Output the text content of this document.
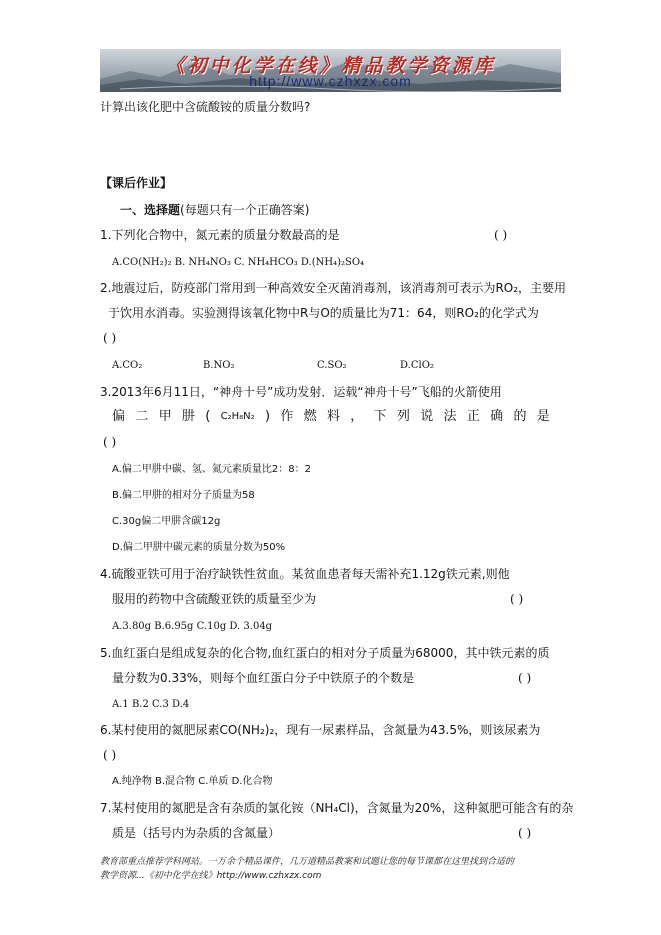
《初中化学在线》精品教学资源库
http://www.czhxzx.com
计算出该化肥中含硫酸铵的质量分数吗?
【课后作业】
一、选择题(每题只有一个正确答案)
1.下列化合物中，氮元素的质量分数最高的是	( )
A.CO(NH₂)₂ B. NH₄NO₃ C. NH₄HCO₃ D.(NH₄)₂SO₄
2.地震过后，防疫部门常用到一种高效安全灭菌消毒剂，该消毒剂可表示为RO₂，主要用
于饮用水消毒。实验测得该氧化物中R与O的质量比为71：64，则RO₂的化学式为
( )
A.CO₂	B.NO₂	C.SO₂	D.ClO₂
3.2013年6月11日，“神舟十号”成功发射．运载“神舟十号”飞船的火箭使用
偏 二 甲 肼 ( C₂H₈N₂ ) 作 燃 料 ， 下 列 说 法 正 确 的 是
( )
A.偏二甲肼中碳、氢、氮元素质量比2：8：2
B.偏二甲肼的相对分子质量为58
C.30g偏二甲肼含碳12g
D.偏二甲肼中碳元素的质量分数为50%
4.硫酸亚铁可用于治疗缺铁性贫血。某贫血患者每天需补充1.12g铁元素,则他
服用的药物中含硫酸亚铁的质量至少为	( )
A.3.80g B.6.95g C.10g D. 3.04g
5.血红蛋白是组成复杂的化合物,血红蛋白的相对分子质量为68000，其中铁元素的质
量分数为0.33%，则每个血红蛋白分子中铁原子的个数是	( )
A.1 B.2 C.3 D.4
6.某村使用的氮肥尿素CO(NH₂)₂，现有一尿素样品，含氮量为43.5%，则该尿素为
( )
A.纯净物 B.混合物 C.单质 D.化合物
7.某村使用的氮肥是含有杂质的氯化铵（NH₄Cl)，含氮量为20%，这种氮肥可能含有的杂
质是（括号内为杂质的含氮量）	( )
教育部重点推荐学科网站。一万余个精品课件，几万道精品教案和试题让您的每节课都在这里找到合适的
教学资源...《初中化学在线》http://www.czhxzx.com
